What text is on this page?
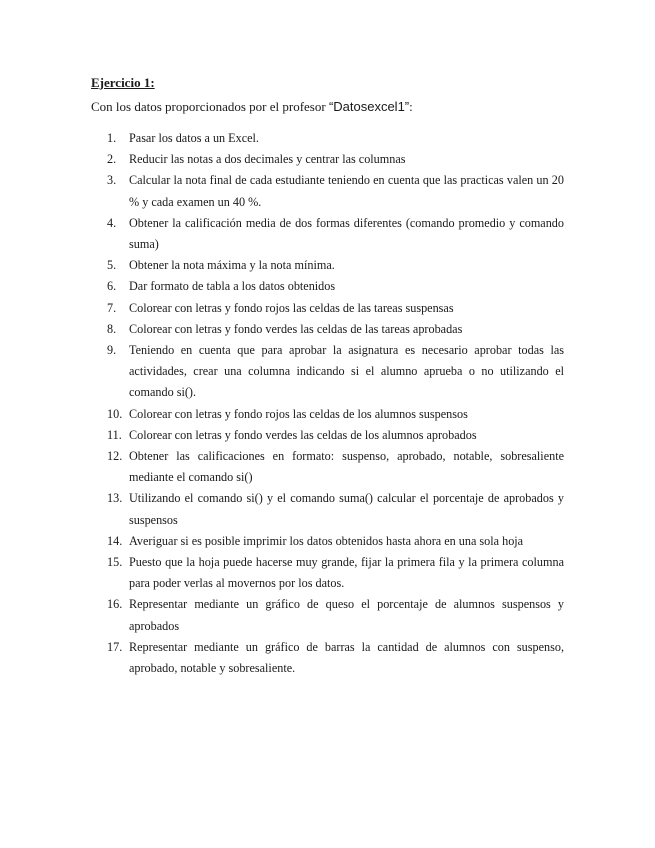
Ejercicio 1:
Con los datos proporcionados por el profesor “Datosexcel1”:
1.	Pasar los datos a un Excel.
2.	Reducir las notas a dos decimales y centrar las columnas
3.	Calcular la nota final de cada estudiante teniendo en cuenta que las practicas valen un 20 % y cada examen un 40 %.
4.	Obtener la calificación media de dos formas diferentes (comando promedio y comando suma)
5.	Obtener la nota máxima y la nota mínima.
6.	Dar formato de tabla a los datos obtenidos
7.	Colorear con letras y fondo rojos las celdas de las tareas suspensas
8.	Colorear con letras y fondo verdes las celdas de las tareas aprobadas
9.	Teniendo en cuenta que para aprobar la asignatura es necesario aprobar todas las actividades, crear una columna indicando si el alumno aprueba o no utilizando el comando si().
10. Colorear con letras y fondo rojos las celdas de los alumnos suspensos
11. Colorear con letras y fondo verdes las celdas de los alumnos aprobados
12. Obtener las calificaciones en formato: suspenso, aprobado, notable, sobresaliente mediante el comando si()
13. Utilizando el comando si() y el comando suma() calcular el porcentaje de aprobados y suspensos
14. Averiguar si es posible imprimir los datos obtenidos hasta ahora en una sola hoja
15. Puesto que la hoja puede hacerse muy grande, fijar la primera fila y la primera columna para poder verlas al movernos por los datos.
16. Representar mediante un gráfico de queso el porcentaje de alumnos suspensos y aprobados
17. Representar mediante un gráfico de barras la cantidad de alumnos con suspenso, aprobado, notable y sobresaliente.
